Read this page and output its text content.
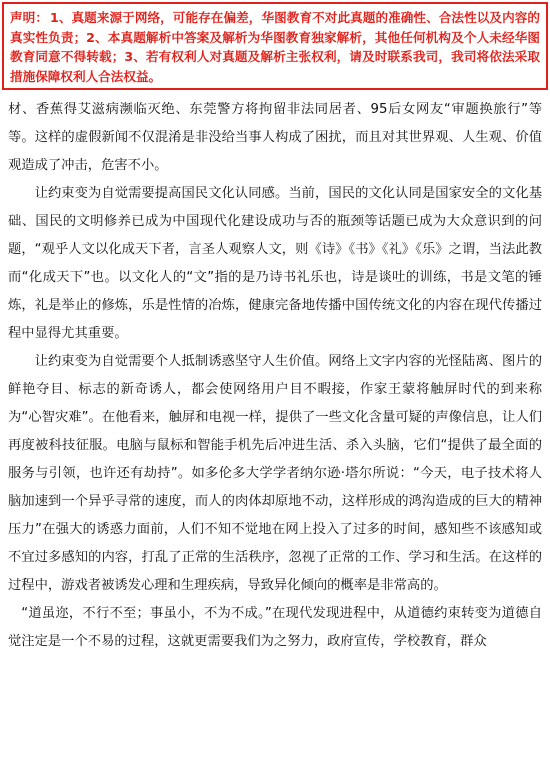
声明： 1、真题来源于网络，可能存在偏差，华图教育不对此真题的准确性、合法性以及内容的真实性负责；2、本真题解析中答案及解析为华图教育独家解析，其他任何机构及个人未经华图教育同意不得转载；3、若有权利人对真题及解析主张权利，请及时联系我司，我司将依法采取措施保障权利人合法权益。

材、香蕉得艾滋病濒临灭绝、东莞警方将拘留非法同居者、95后女网友“审题换旅行”等等。这样的虚假新闻不仅混淆是非没给当事人构成了困扰，而且对其世界观、人生观、价值观造成了冲击，危害不小。

让约束变为自觉需要提高国民文化认同感。当前，国民的文化认同是国家安全的文化基础、国民的文明修养已成为中国现代化建设成功与否的瓶颈等话题已成为大众意识到的问题，“观乎人文以化成天下者，言圣人观察人文，则《诗》《书》《礼》《乐》之谓，当法此教而“化成天下”也。以文化人的“文”指的是乃诗书礼乐也，诗是谈吐的训练，书是文笔的锤炼，礼是举止的修炼，乐是性情的冶炼，健康完备地传播中国传统文化的内容在现代传播过程中显得尤其重要。

让约束变为自觉需要个人抵制诱惑坚守人生价值。网络上文字内容的光怪陆离、图片的鲜艳夺目、标志的新奇诱人，都会使网络用户目不暇接，作家王蒙将触屏时代的到来称为“心智灾难”。在他看来，触屏和电视一样，提供了一些文化含量可疑的声像信息，让人们再度被科技征服。电脑与鼠标和智能手机先后冲进生活、杀入头脑，它们“提供了最全面的服务与引领，也许还有劫持”。如多伦多大学学者纳尔逊·塔尔所说：“今天，电子技术将人脑加速到一个异乎寻常的速度，而人的肉体却原地不动，这样形成的鸿沟造成的巨大的精神压力”在强大的诱惑力面前，人们不知不觉地在网上投入了过多的时间，感知些不该感知或不宜过多感知的内容，打乱了正常的生活秩序，忽视了正常的工作、学习和生活。在这样的过程中，游戏者被诱发心理和生理疾病，导致异化倾向的概率是非常高的。

“道虽迩，不行不至；事虽小，不为不成。”在现代发现进程中，从道德约束转变为道德自觉注定是一个不易的过程，这就更需要我们为之努力，政府宣传，学校教育，群众
